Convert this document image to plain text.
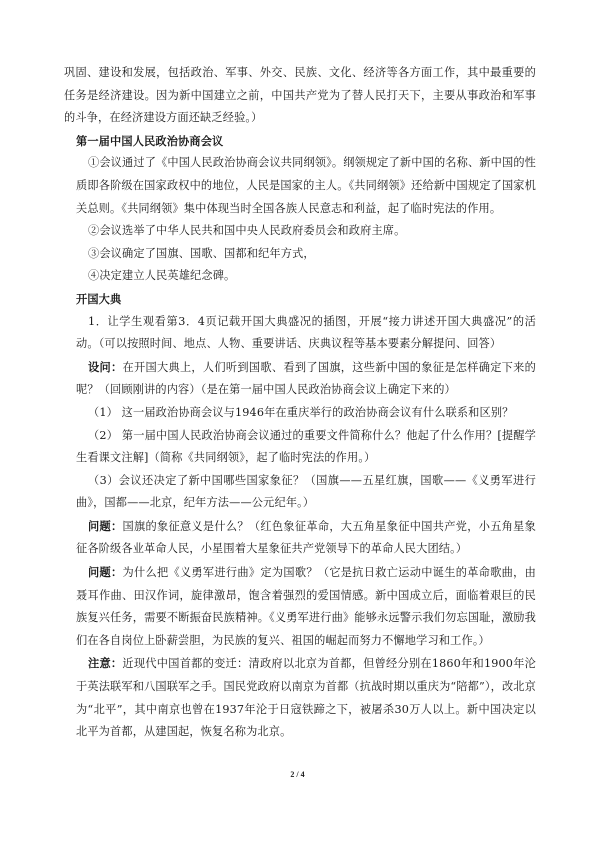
巩固、建设和发展，包括政治、军事、外交、民族、文化、经济等各方面工作，其中最重要的任务是经济建设。因为新中国建立之前，中国共产党为了替人民打天下，主要从事政治和军事的斗争，在经济建设方面还缺乏经验。）

第一届中国人民政治协商会议

①会议通过了《中国人民政治协商会议共同纲领》。纲领规定了新中国的名称、新中国的性质即各阶级在国家政权中的地位，人民是国家的主人。《共同纲领》还给新中国规定了国家机关总则。《共同纲领》集中体现当时全国各族人民意志和利益，起了临时宪法的作用。

②会议选举了中华人民共和国中央人民政府委员会和政府主席。

③会议确定了国旗、国歌、国都和纪年方式，

④决定建立人民英雄纪念碑。

开国大典

1．让学生观看第3．4页记载开国大典盛况的插图，开展“接力讲述开国大典盛况”的活动。（可以按照时间、地点、人物、重要讲话、庆典议程等基本要素分解提问、回答）

设问：在开国大典上，人们听到国歌、看到了国旗，这些新中国的象征是怎样确定下来的呢？（回顾刚讲的内容）（是在第一届中国人民政治协商会议上确定下来的）

（1） 这一届政治协商会议与1946年在重庆举行的政治协商会议有什么联系和区别？

（2） 第一届中国人民政治协商会议通过的重要文件简称什么？他起了什么作用？[提醒学生看课文注解]（简称《共同纲领》，起了临时宪法的作用。）

（3）会议还决定了新中国哪些国家象征？（国旗——五星红旗，国歌——《义勇军进行曲》，国都——北京，纪年方法——公元纪年。）

问题：国旗的象征意义是什么？（红色象征革命，大五角星象征中国共产党，小五角星象征各阶级各业革命人民，小星围着大星象征共产党领导下的革命人民大团结。）

问题：为什么把《义勇军进行曲》定为国歌？（它是抗日救亡运动中诞生的革命歌曲，由聂耳作曲、田汉作词，旋律激昂，饱含着强烈的爱国情感。新中国成立后，面临着艰巨的民族复兴任务，需要不断振奋民族精神。《义勇军进行曲》能够永远警示我们勿忘国耻，激励我们在各自岗位上卧薪尝胆，为民族的复兴、祖国的崛起而努力不懈地学习和工作。）

注意：近现代中国首都的变迁：清政府以北京为首都，但曾经分别在1860年和1900年沦于英法联军和八国联军之手。国民党政府以南京为首都（抗战时期以重庆为“陪都”），改北京为“北平”，其中南京也曾在1937年沦于日寇铁蹄之下，被屠杀30万人以上。新中国决定以北平为首都，从建国起，恢复名称为北京。

2 / 4
